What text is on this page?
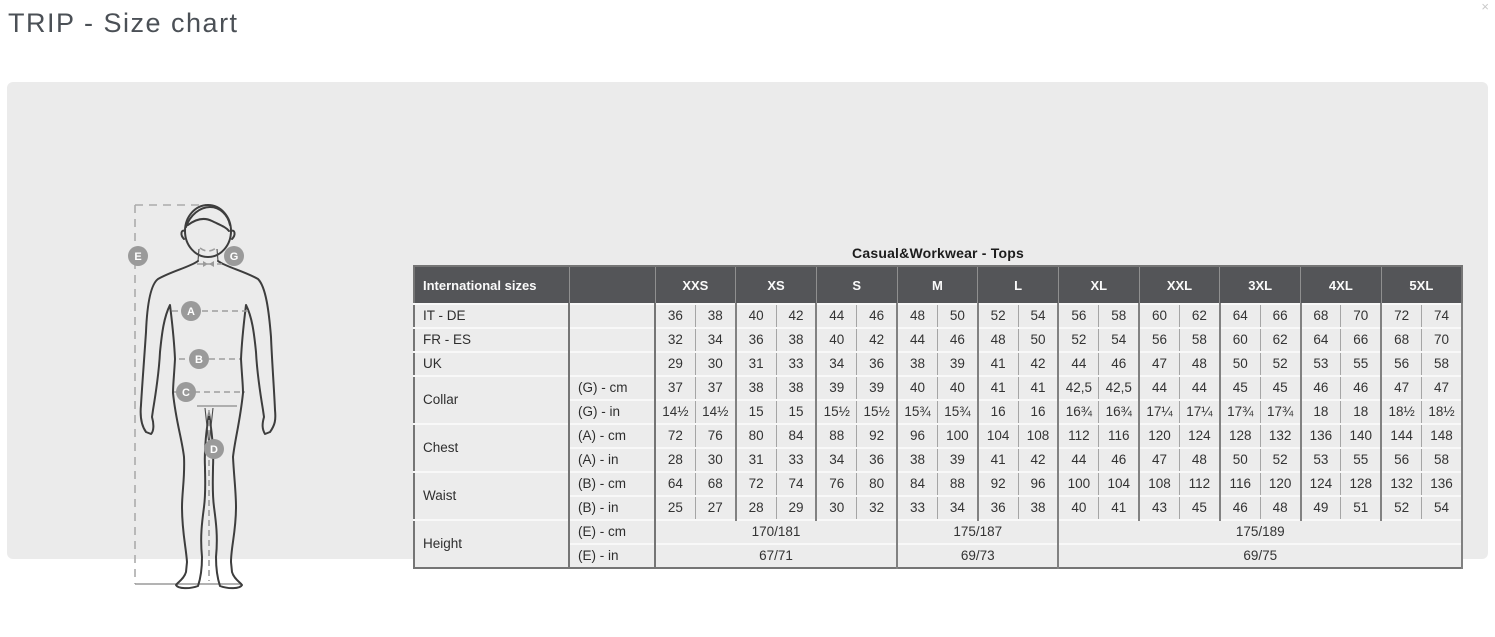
TRIP - Size chart
×
E	G
A
B
C
D
Casual&Workwear - Tops
International sizes		XXS		XS		S		M		L		XL		XXL		3XL		4XL		5XL	
IT - DE		36	38	40	42	44	46	48	50	52	54	56	58	60	62	64	66	68	70	72	74
FR - ES		32	34	36	38	40	42	44	46	48	50	52	54	56	58	60	62	64	66	68	70
UK		29	30	31	33	34	36	38	39	41	42	44	46	47	48	50	52	53	55	56	58
Collar	(G) - cm	37	37	38	38	39	39	40	40	41	41	42,5	42,5	44	44	45	45	46	46	47	47
	(G) - in	14½	14½	15	15	15½	15½	15¾	15¾	16	16	16¾	16¾	17¼	17¼	17¾	17¾	18	18	18½	18½
Chest	(A) - cm	72	76	80	84	88	92	96	100	104	108	112	116	120	124	128	132	136	140	144	148
	(A) - in	28	30	31	33	34	36	38	39	41	42	44	46	47	48	50	52	53	55	56	58
Waist	(B) - cm	64	68	72	74	76	80	84	88	92	96	100	104	108	112	116	120	124	128	132	136
	(B) - in	25	27	28	29	30	32	33	34	36	38	40	41	43	45	46	48	49	51	52	54
Height	(E) - cm	170/181						175/187				175/189									
	(E) - in	67/71						69/73				69/75									
